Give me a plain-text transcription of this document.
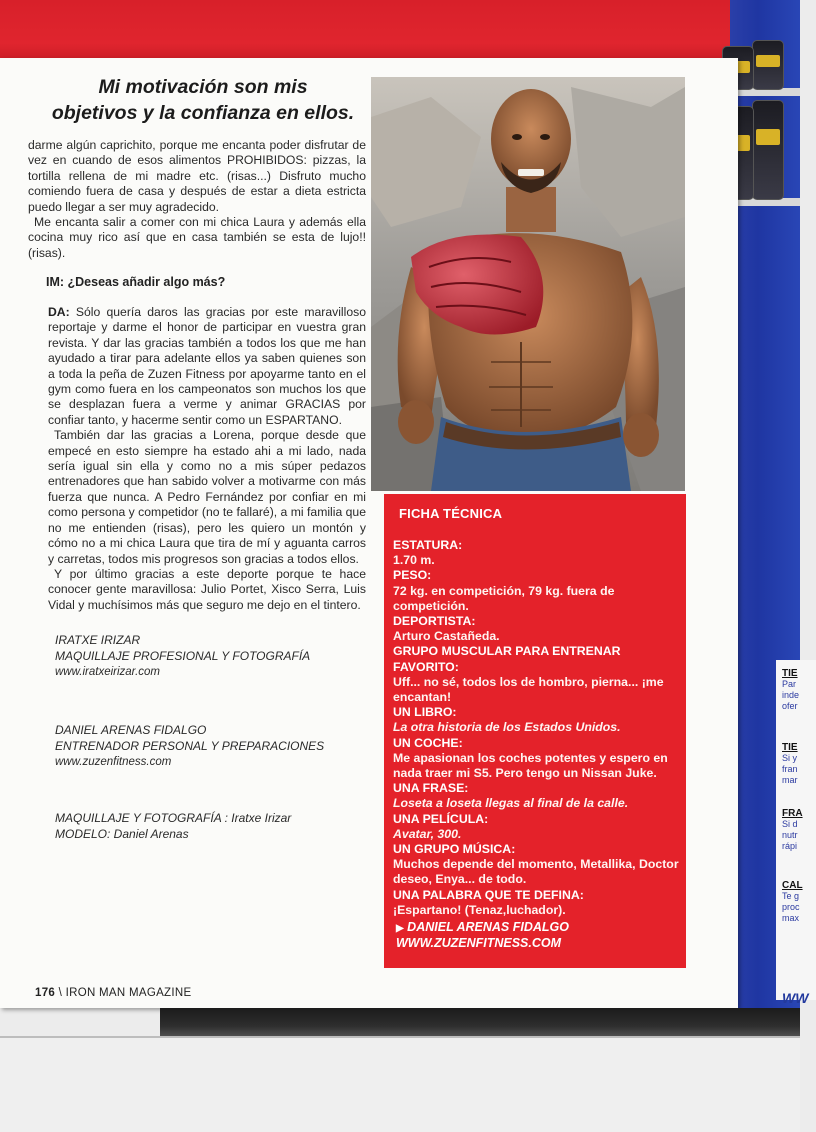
TIE
Par inde ofer
TIE
Si y fran mar
FRA
Si d nutr rápi
CAL
Te g proc max
WW
Mi motivación son mis
objetivos y la confianza en ellos.

darme algún caprichito, porque me encanta poder disfrutar de vez en cuando de esos alimentos PROHIBIDOS: pizzas, la tortilla rellena de mi madre etc. (risas...) Disfruto mucho comiendo fuera de casa y después de estar a dieta estricta puedo llegar a ser muy agradecido.

Me encanta salir a comer con mi chica Laura y además ella cocina muy rico así que en casa también se esta de lujo!! (risas).

IM: ¿Deseas añadir algo más?

DA: Sólo quería daros las gracias por este maravilloso reportaje y darme el honor de participar en vuestra gran revista. Y dar las gracias también a todos los que me han ayudado a tirar para adelante ellos ya saben quienes son a toda la peña de Zuzen Fitness por apoyarme tanto en el gym como fuera en los campeonatos son muchos los que se desplazan fuera a verme y animar GRACIAS por confiar tanto, y hacerme sentir como un ESPARTANO.

También dar las gracias a Lorena, porque desde que empecé en esto siempre ha estado ahi a mi lado, nada sería igual sin ella y como no a mis súper pedazos entrenadores que han sabido volver a motivarme con más fuerza que nunca. A Pedro Fernández por confiar en mi como persona y competidor (no te fallaré), a mi familia que no me entienden (risas), pero les quiero un montón y cómo no a mi chica Laura que tira de mí y aguanta carros y carretas, todos mis progresos son gracias a todos ellos.

Y por último gracias a este deporte porque te hace conocer gente maravillosa: Julio Portet, Xisco Serra, Luis Vidal y muchísimos más que seguro me dejo en el tintero.

IRATXE IRIZAR
MAQUILLAJE PROFESIONAL Y FOTOGRAFÍA
www.iratxeirizar.com
DANIEL ARENAS FIDALGO
ENTRENADOR PERSONAL Y PREPARACIONES
www.zuzenfitness.com
MAQUILLAJE Y FOTOGRAFÍA : Iratxe Irizar
MODELO: Daniel Arenas
176 \ IRON MAN MAGAZINE
FICHA TÉCNICA
ESTATURA:
1.70 m.
PESO:
72 kg. en competición, 79 kg. fuera de competición.
DEPORTISTA:
Arturo Castañeda.
GRUPO MUSCULAR PARA ENTRENAR FAVORITO:
Uff... no sé, todos los de hombro, pierna... ¡me encantan!
UN LIBRO:
La otra historia de los Estados Unidos.
UN COCHE:
Me apasionan los coches potentes y espero en nada traer mi S5. Pero tengo un Nissan Juke.
UNA FRASE:
Loseta a loseta llegas al final de la calle.
UNA PELÍCULA:
Avatar, 300.
UN GRUPO MÚSICA:
Muchos depende del momento, Metallika, Doctor deseo, Enya... de todo.
UNA PALABRA QUE TE DEFINA:
¡Espartano! (Tenaz,luchador).
▶ DANIEL ARENAS FIDALGO
WWW.ZUZENFITNESS.COM
